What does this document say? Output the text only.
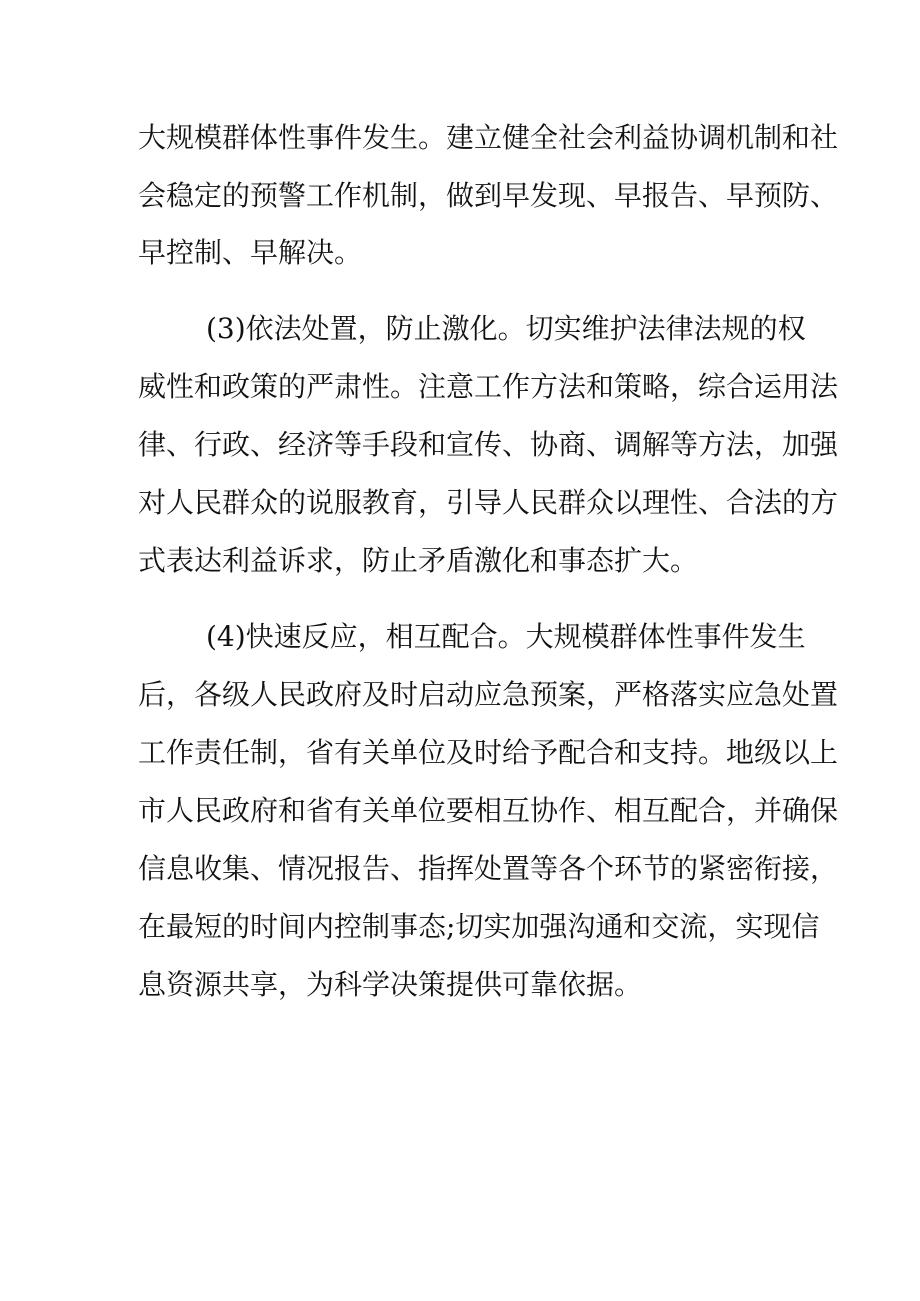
大规模群体性事件发生。建立健全社会利益协调机制和社
会稳定的预警工作机制，做到早发现、早报告、早预防、
早控制、早解决。
(3)依法处置，防止激化。切实维护法律法规的权
威性和政策的严肃性。注意工作方法和策略，综合运用法
律、行政、经济等手段和宣传、协商、调解等方法，加强
对人民群众的说服教育，引导人民群众以理性、合法的方
式表达利益诉求，防止矛盾激化和事态扩大。
(4)快速反应，相互配合。大规模群体性事件发生
后，各级人民政府及时启动应急预案，严格落实应急处置
工作责任制，省有关单位及时给予配合和支持。地级以上
市人民政府和省有关单位要相互协作、相互配合，并确保
信息收集、情况报告、指挥处置等各个环节的紧密衔接，
在最短的时间内控制事态;切实加强沟通和交流，实现信
息资源共享，为科学决策提供可靠依据。
